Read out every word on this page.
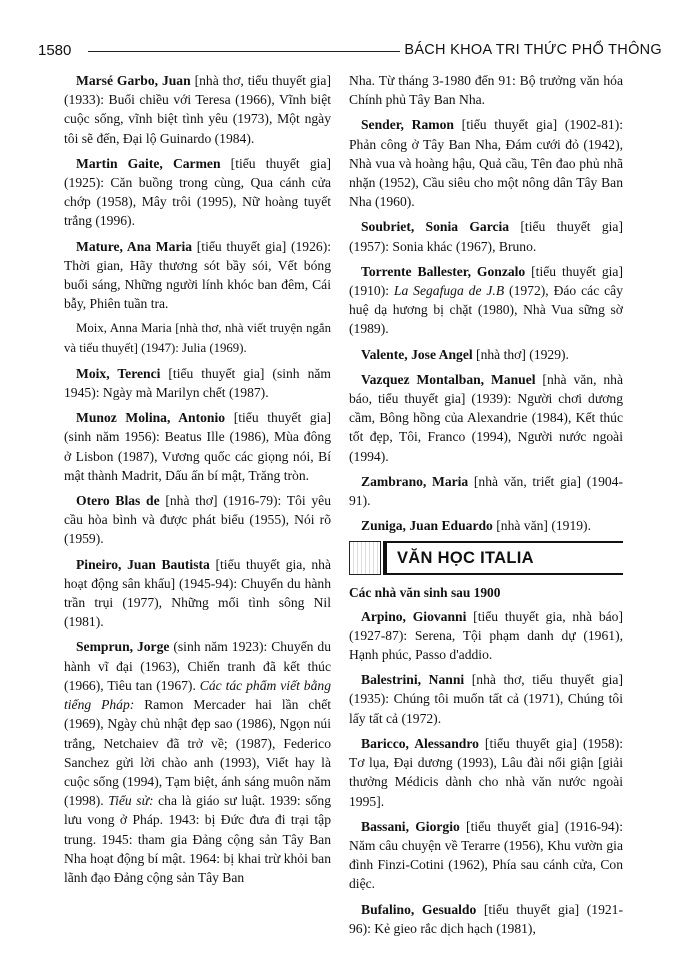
1580	BÁCH KHOA TRI THỨC PHỔ THÔNG

Marsé Garbo, Juan [nhà thơ, tiểu thuyết gia] (1933): Buổi chiều với Teresa (1966), Vĩnh biệt cuộc sống, vĩnh biệt tình yêu (1973), Một ngày tôi sẽ đến, Đại lộ Guinardo (1984).

Martin Gaite, Carmen [tiểu thuyết gia] (1925): Căn buồng trong cùng, Qua cánh cửa chớp (1958), Mây trôi (1995), Nữ hoàng tuyết trắng (1996).

Mature, Ana Maria [tiểu thuyết gia] (1926): Thời gian, Hãy thương sót bầy sói, Vết bóng buổi sáng, Những người lính khóc ban đêm, Cái bẫy, Phiên tuần tra.

Moix, Anna Maria [nhà thơ, nhà viết truyện ngắn và tiểu thuyết] (1947): Julia (1969).

Moix, Terenci [tiểu thuyết gia] (sinh năm 1945): Ngày mà Marilyn chết (1987).

Munoz Molina, Antonio [tiểu thuyết gia] (sinh năm 1956): Beatus Ille (1986), Mùa đông ở Lisbon (1987), Vương quốc các giọng nói, Bí mật thành Madrit, Dấu ấn bí mật, Trăng tròn.

Otero Blas de [nhà thơ] (1916-79): Tôi yêu cầu hòa bình và được phát biểu (1955), Nói rõ (1959).

Pineiro, Juan Bautista [tiểu thuyết gia, nhà hoạt động sân khấu] (1945-94): Chuyến du hành trần trụi (1977), Những mối tình sông Nil (1981).

Semprun, Jorge (sinh năm 1923): Chuyến du hành vĩ đại (1963), Chiến tranh đã kết thúc (1966), Tiêu tan (1967). Các tác phẩm viết bằng tiếng Pháp: Ramon Mercader hai lần chết (1969), Ngày chủ nhật đẹp sao (1986), Ngọn núi trắng, Netchaiev đã trở về; (1987), Federico Sanchez gửi lời chào anh (1993), Viết hay là cuộc sống (1994), Tạm biệt, ánh sáng muôn năm (1998). Tiểu sử: cha là giáo sư luật. 1939: sống lưu vong ở Pháp. 1943: bị Đức đưa đi trại tập trung. 1945: tham gia Đảng cộng sản Tây Ban Nha hoạt động bí mật. 1964: bị khai trừ khỏi ban lãnh đạo Đảng cộng sản Tây Ban

Nha. Từ tháng 3-1980 đến 91: Bộ trưởng văn hóa Chính phủ Tây Ban Nha.

Sender, Ramon [tiểu thuyết gia] (1902-81): Phản công ở Tây Ban Nha, Đám cưới đỏ (1942), Nhà vua và hoàng hậu, Quả cầu, Tên đao phủ nhã nhặn (1952), Cầu siêu cho một nông dân Tây Ban Nha (1960).

Soubriet, Sonia Garcia [tiểu thuyết gia] (1957): Sonia khác (1967), Bruno.

Torrente Ballester, Gonzalo [tiểu thuyết gia] (1910): La Segafuga de J.B (1972), Đáo các cây huệ dạ hương bị chặt (1980), Nhà Vua sững sờ (1989).

Valente, Jose Angel [nhà thơ] (1929).

Vazquez Montalban, Manuel [nhà văn, nhà báo, tiểu thuyết gia] (1939): Người chơi dương cầm, Bông hồng của Alexandrie (1984), Kết thúc tốt đẹp, Tôi, Franco (1994), Người nước ngoài (1994).

Zambrano, Maria [nhà văn, triết gia] (1904-91).

Zuniga, Juan Eduardo [nhà văn] (1919).

VĂN HỌC ITALIA

Các nhà văn sinh sau 1900

Arpino, Giovanni [tiểu thuyết gia, nhà báo] (1927-87): Serena, Tội phạm danh dự (1961), Hạnh phúc, Passo d'addio.

Balestrini, Nanni [nhà thơ, tiểu thuyết gia] (1935): Chúng tôi muốn tất cả (1971), Chúng tôi lấy tất cả (1972).

Baricco, Alessandro [tiểu thuyết gia] (1958): Tơ lụa, Đại dương (1993), Lâu đài nổi giận [giải thưởng Médicis dành cho nhà văn nước ngoài 1995].

Bassani, Giorgio [tiểu thuyết gia] (1916-94): Năm câu chuyện về Terarre (1956), Khu vườn gia đình Finzi-Cotini (1962), Phía sau cánh cửa, Con diệc.

Bufalino, Gesualdo [tiểu thuyết gia] (1921-96): Kẻ gieo rắc dịch hạch (1981),
